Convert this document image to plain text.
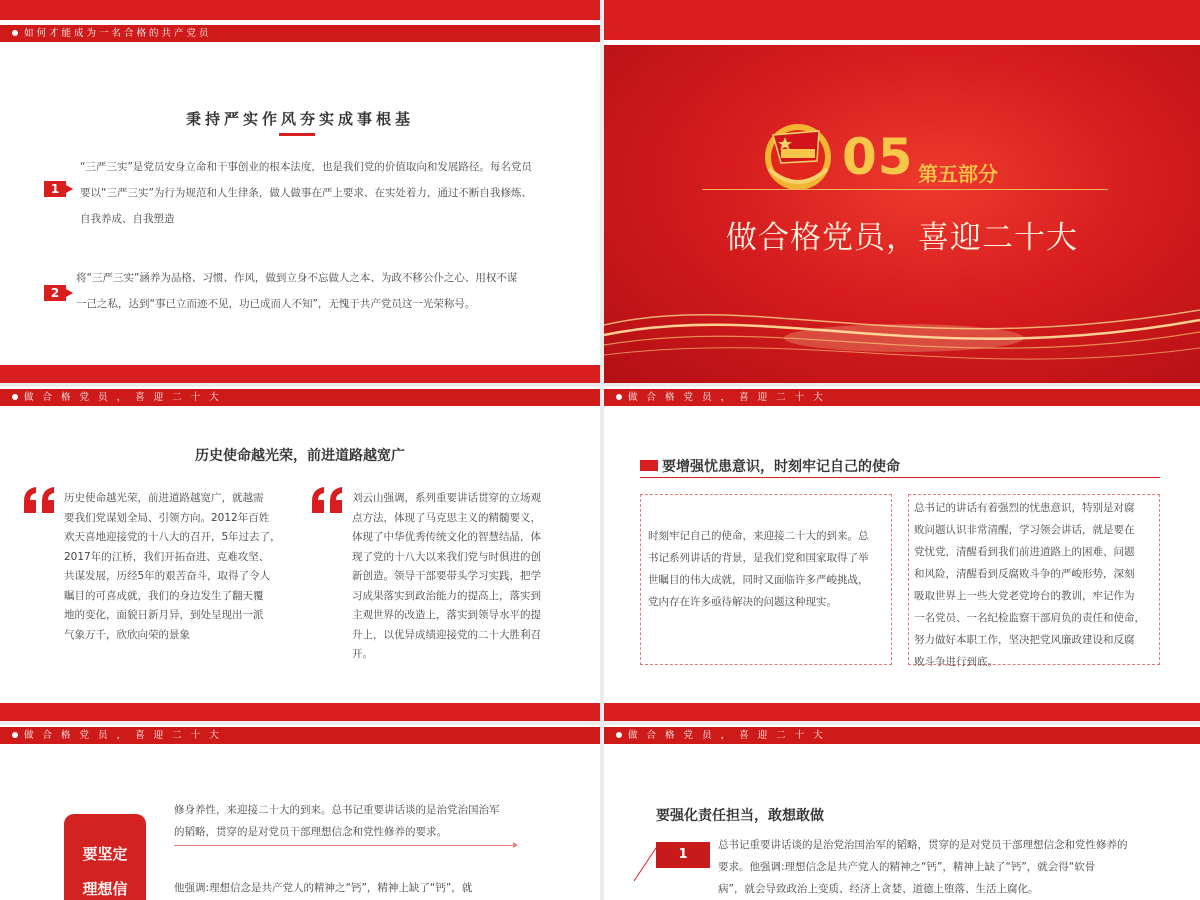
如何才能成为一名合格的共产党员
秉持严实作风夯实成事根基
1
“三严三实”是党员安身立命和干事创业的根本法度，也是我们党的价值取向和发展路径。每名党员
要以“三严三实”为行为规范和人生律条，做人做事在严上要求、在实处着力，通过不断自我修炼、
自我养成、自我塑造
2
将“三严三实”涵养为品格、习惯、作风，做到立身不忘做人之本、为政不移公仆之心、用权不谋
一己之私，达到“事已立而迹不见，功已成而人不知”，无愧于共产党员这一光荣称号。
05 第五部分
做合格党员，喜迎二十大
做 合 格 党 员 ， 喜 迎 二 十 大
历史使命越光荣，前进道路越宽广
历史使命越光荣，前进道路越宽广，就越需
要我们党谋划全局、引领方向。2012年百姓
欢天喜地迎接党的十八大的召开，5年过去了，
2017年的江桥，我们开拓奋进、克难攻坚、
共谋发展，历经5年的艰苦奋斗，取得了令人
瞩目的可喜成就，我们的身边发生了翻天覆
地的变化，面貌日新月异，到处呈现出一派
气象万千，欣欣向荣的景象
刘云山强调，系列重要讲话贯穿的立场观
点方法，体现了马克思主义的精髓要义，
体现了中华优秀传统文化的智慧结晶，体
现了党的十八大以来我们党与时俱进的创
新创造。领导干部要带头学习实践，把学
习成果落实到政治能力的提高上，落实到
主观世界的改造上，落实到领导水平的提
升上，以优异成绩迎接党的二十大胜利召
开。
做 合 格 党 员 ， 喜 迎 二 十 大
要增强忧患意识，时刻牢记自己的使命
时刻牢记自己的使命，来迎接二十大的到来。总
书记系列讲话的背景，是我们党和国家取得了举
世瞩目的伟大成就，同时又面临许多严峻挑战，
党内存在许多亟待解决的问题这种现实。
总书记的讲话有着强烈的忧患意识，特别是对腐
败问题认识非常清醒，学习领会讲话，就是要在
党忧党，清醒看到我们前进道路上的困难、问题
和风险，清醒看到反腐败斗争的严峻形势，深刻
吸取世界上一些大党老党垮台的教训，牢记作为
一名党员、一名纪检监察干部肩负的责任和使命，
努力做好本职工作，坚决把党风廉政建设和反腐
败斗争进行到底。
做 合 格 党 员 ， 喜 迎 二 十 大
要坚定
理想信
修身养性，来迎接二十大的到来。总书记重要讲话谈的是治党治国治军
的韬略，贯穿的是对党员干部理想信念和党性修养的要求。
他强调:理想信念是共产党人的精神之“钙”，精神上缺了“钙”，就
做 合 格 党 员 ， 喜 迎 二 十 大
要强化责任担当，敢想敢做
1
总书记重要讲话谈的是治党治国治军的韬略，贯穿的是对党员干部理想信念和党性修养的
要求。他强调:理想信念是共产党人的精神之“钙”，精神上缺了“钙”，就会得“软骨
病”，就会导致政治上变质、经济上贪婪、道德上堕落、生活上腐化。
